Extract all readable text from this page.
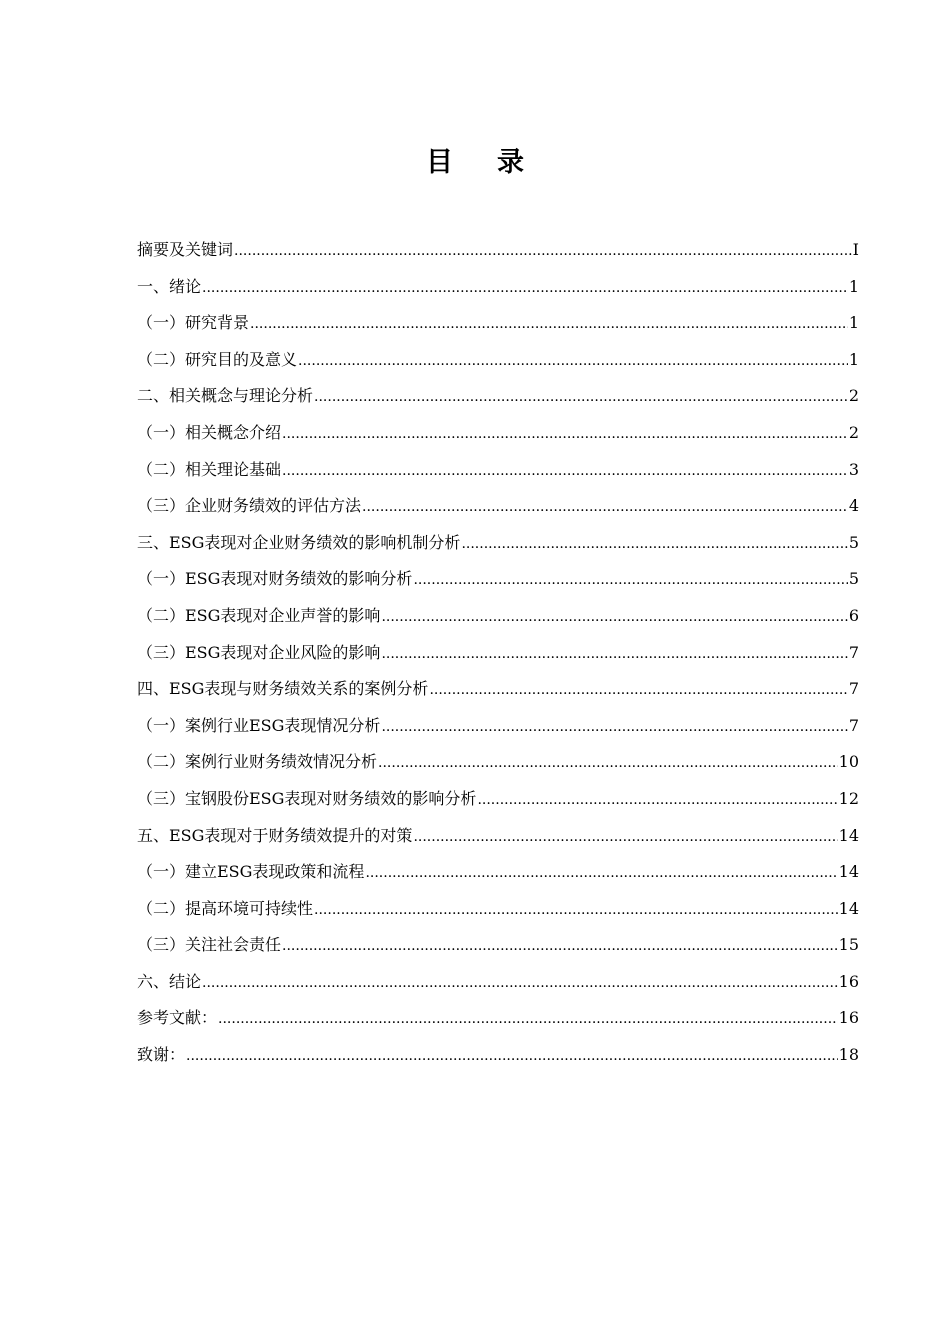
目 录
摘要及关键词 .....	I
一、绪论 .....	1
（一）研究背景 .....	1
（二）研究目的及意义 .....	1
二、相关概念与理论分析 .....	2
（一）相关概念介绍 .....	2
（二）相关理论基础 .....	3
（三）企业财务绩效的评估方法 .....	4
三、ESG表现对企业财务绩效的影响机制分析 .....	5
（一）ESG表现对财务绩效的影响分析 .....	5
（二）ESG表现对企业声誉的影响 .....	6
（三）ESG表现对企业风险的影响 .....	7
四、ESG表现与财务绩效关系的案例分析 .....	7
（一）案例行业ESG表现情况分析 .....	7
（二）案例行业财务绩效情况分析 .....	10
（三）宝钢股份ESG表现对财务绩效的影响分析 .....	12
五、ESG表现对于财务绩效提升的对策 .....	14
（一）建立ESG表现政策和流程 .....	14
（二）提高环境可持续性 .....	14
（三）关注社会责任 .....	15
六、结论 .....	16
参考文献： .....	16
致谢： .....	18
